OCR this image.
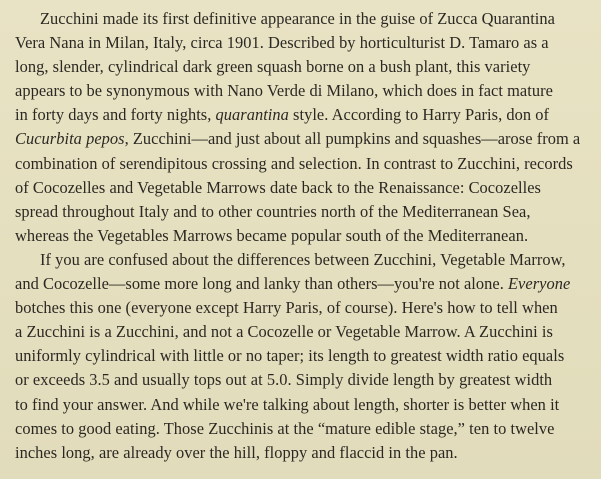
Zucchini made its first definitive appearance in the guise of Zucca Quarantina
Vera Nana in Milan, Italy, circa 1901. Described by horticulturist D. Tamaro as a
long, slender, cylindrical dark green squash borne on a bush plant, this variety
appears to be synonymous with Nano Verde di Milano, which does in fact mature
in forty days and forty nights, quarantina style. According to Harry Paris, don of
Cucurbita pepos, Zucchini—and just about all pumpkins and squashes—arose from a
combination of serendipitous crossing and selection. In contrast to Zucchini, records
of Cocozelles and Vegetable Marrows date back to the Renaissance: Cocozelles
spread throughout Italy and to other countries north of the Mediterranean Sea,
whereas the Vegetables Marrows became popular south of the Mediterranean.
If you are confused about the differences between Zucchini, Vegetable Marrow,
and Cocozelle—some more long and lanky than others—you're not alone. Everyone
botches this one (everyone except Harry Paris, of course). Here's how to tell when
a Zucchini is a Zucchini, and not a Cocozelle or Vegetable Marrow. A Zucchini is
uniformly cylindrical with little or no taper; its length to greatest width ratio equals
or exceeds 3.5 and usually tops out at 5.0. Simply divide length by greatest width
to find your answer. And while we're talking about length, shorter is better when it
comes to good eating. Those Zucchinis at the “mature edible stage,” ten to twelve
inches long, are already over the hill, floppy and flaccid in the pan.
